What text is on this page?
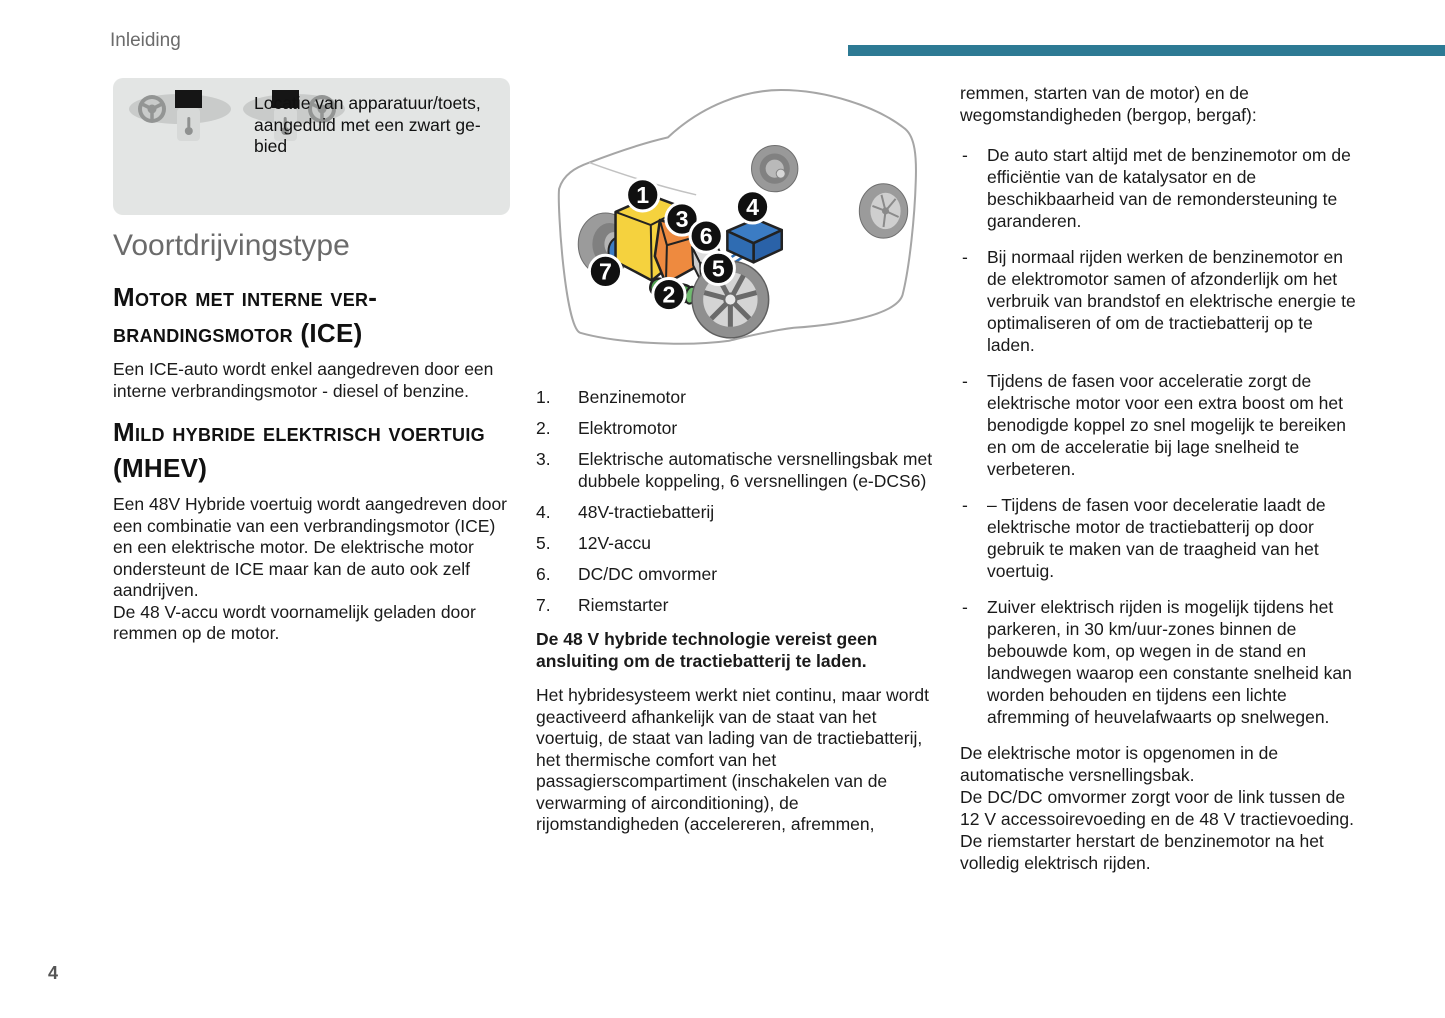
Inleiding

Locatie van apparatuur/toets, aangeduid met een zwart ge-bied
Voortdrijvingstype
Motor met interne ver-brandingsmotor (ICE)

Een ICE-auto wordt enkel aangedreven door een interne verbrandingsmotor - diesel of benzine.

Mild hybride elektrisch voertuig (MHEV)
Een 48V Hybride voertuig wordt aangedreven door een combinatie van een verbrandingsmotor (ICE) en een elektrische motor. De elektrische motor ondersteunt de ICE maar kan de auto ook zelf aandrijven.
De 48 V-accu wordt voornamelijk geladen door remmen op de motor.
1
3
6
4
7	5
2
1.	Benzinemotor
2.	Elektromotor
3.	Elektrische automatische versnellingsbak met dubbele koppeling, 6 versnellingen (e-DCS6)
4.	48V-tractiebatterij
5.	12V-accu
6.	DC/DC omvormer
7.	Riemstarter
De 48 V hybride technologie vereist geen ansluiting om de tractiebatterij te laden.
Het hybridesysteem werkt niet continu, maar wordt geactiveerd afhankelijk van de staat van het voertuig, de staat van lading van de tractiebatterij, het thermische comfort van het passagierscompartiment (inschakelen van de verwarming of airconditioning), de rijomstandigheden (accelereren, afremmen,
remmen, starten van de motor) en de wegomstandigheden (bergop, bergaf):
- De auto start altijd met de benzinemotor om de efficiëntie van de katalysator en de beschikbaarheid van de remondersteuning te garanderen.
- Bij normaal rijden werken de benzinemotor en de elektromotor samen of afzonderlijk om het verbruik van brandstof en elektrische energie te optimaliseren of om de tractiebatterij op te laden.
- Tijdens de fasen voor acceleratie zorgt de elektrische motor voor een extra boost om het benodigde koppel zo snel mogelijk te bereiken en om de acceleratie bij lage snelheid te verbeteren.
- – Tijdens de fasen voor deceleratie laadt de elektrische motor de tractiebatterij op door gebruik te maken van de traagheid van het voertuig.
- Zuiver elektrisch rijden is mogelijk tijdens het parkeren, in 30 km/uur-zones binnen de bebouwde kom, op wegen in de stand en landwegen waarop een constante snelheid kan worden behouden en tijdens een lichte afremming of heuvelafwaarts op snelwegen.
De elektrische motor is opgenomen in de automatische versnellingsbak.
De DC/DC omvormer zorgt voor de link tussen de 12 V accessoirevoeding en de 48 V tractievoeding.
De riemstarter herstart de benzinemotor na het volledig elektrisch rijden.
4
